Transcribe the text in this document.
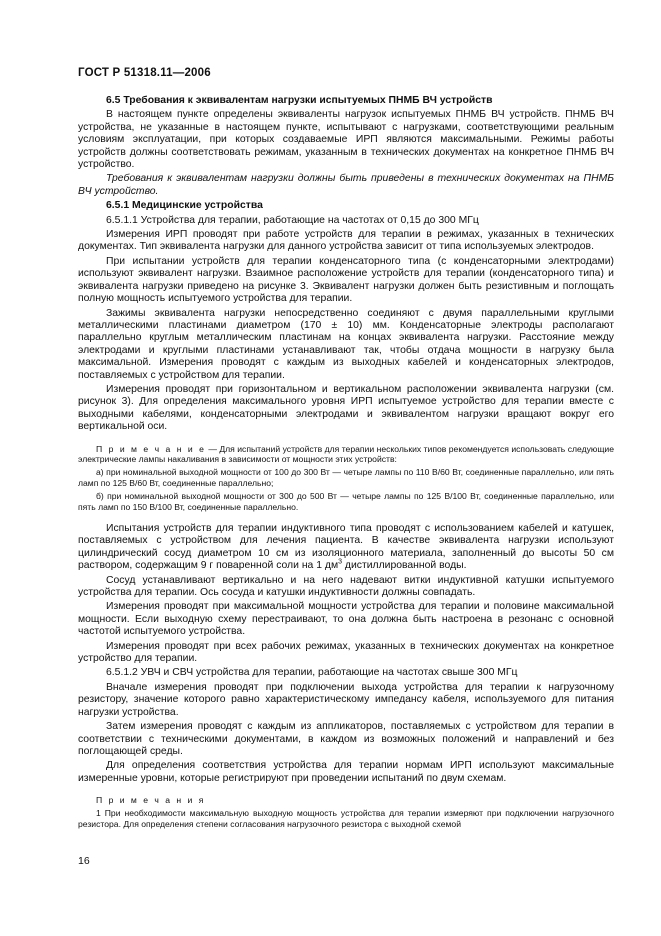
ГОСТ Р 51318.11—2006

6.5 Требования к эквивалентам нагрузки испытуемых ПНМБ ВЧ устройств

В настоящем пункте определены эквиваленты нагрузок испытуемых ПНМБ ВЧ устройств. ПНМБ ВЧ устройства, не указанные в настоящем пункте, испытывают с нагрузками, соответствующими реальным условиям эксплуатации, при которых создаваемые ИРП являются максимальными. Режимы работы устройств должны соответствовать режимам, указанным в технических документах на конкретное ПНМБ ВЧ устройство.

Требования к эквивалентам нагрузки должны быть приведены в технических документах на ПНМБ ВЧ устройство.

6.5.1 Медицинские устройства

6.5.1.1 Устройства для терапии, работающие на частотах от 0,15 до 300 МГц

Измерения ИРП проводят при работе устройств для терапии в режимах, указанных в технических документах. Тип эквивалента нагрузки для данного устройства зависит от типа используемых электродов.

При испытании устройств для терапии конденсаторного типа (с конденсаторными электродами) используют эквивалент нагрузки. Взаимное расположение устройств для терапии (конденсаторного типа) и эквивалента нагрузки приведено на рисунке 3. Эквивалент нагрузки должен быть резистивным и поглощать полную мощность испытуемого устройства для терапии.

Зажимы эквивалента нагрузки непосредственно соединяют с двумя параллельными круглыми металлическими пластинами диаметром (170 ± 10) мм. Конденсаторные электроды располагают параллельно круглым металлическим пластинам на концах эквивалента нагрузки. Расстояние между электродами и круглыми пластинами устанавливают так, чтобы отдача мощности в нагрузку была максимальной. Измерения проводят с каждым из выходных кабелей и конденсаторных электродов, поставляемых с устройством для терапии.

Измерения проводят при горизонтальном и вертикальном расположении эквивалента нагрузки (см. рисунок 3). Для определения максимального уровня ИРП испытуемое устройство для терапии вместе с выходными кабелями, конденсаторными электродами и эквивалентом нагрузки вращают вокруг его вертикальной оси.

П р и м е ч а н и е — Для испытаний устройств для терапии нескольких типов рекомендуется использовать следующие электрические лампы накаливания в зависимости от мощности этих устройств:

а) при номинальной выходной мощности от 100 до 300 Вт — четыре лампы по 110 В/60 Вт, соединенные параллельно, или пять ламп по 125 В/60 Вт, соединенные параллельно;

б) при номинальной выходной мощности от 300 до 500 Вт — четыре лампы по 125 В/100 Вт, соединенные параллельно, или пять ламп по 150 В/100 Вт, соединенные параллельно.

Испытания устройств для терапии индуктивного типа проводят с использованием кабелей и катушек, поставляемых с устройством для лечения пациента. В качестве эквивалента нагрузки используют цилиндрический сосуд диаметром 10 см из изоляционного материала, заполненный до высоты 50 см раствором, содержащим 9 г поваренной соли на 1 $дм^3$ дистиллированной воды.

Сосуд устанавливают вертикально и на него надевают витки индуктивной катушки испытуемого устройства для терапии. Ось сосуда и катушки индуктивности должны совпадать.

Измерения проводят при максимальной мощности устройства для терапии и половине максимальной мощности. Если выходную схему перестраивают, то она должна быть настроена в резонанс с основной частотой испытуемого устройства.

Измерения проводят при всех рабочих режимах, указанных в технических документах на конкретное устройство для терапии.

6.5.1.2 УВЧ и СВЧ устройства для терапии, работающие на частотах свыше 300 МГц

Вначале измерения проводят при подключении выхода устройства для терапии к нагрузочному резистору, значение которого равно характеристическому импедансу кабеля, используемого для питания нагрузки устройства.

Затем измерения проводят с каждым из аппликаторов, поставляемых с устройством для терапии в соответствии с техническими документами, в каждом из возможных положений и направлений и без поглощающей среды.

Для определения соответствия устройства для терапии нормам ИРП используют максимальные измеренные уровни, которые регистрируют при проведении испытаний по двум схемам.

П р и м е ч а н и я

1 При необходимости максимальную выходную мощность устройства для терапии измеряют при подключении нагрузочного резистора. Для определения степени согласования нагрузочного резистора с выходной схемой

16
